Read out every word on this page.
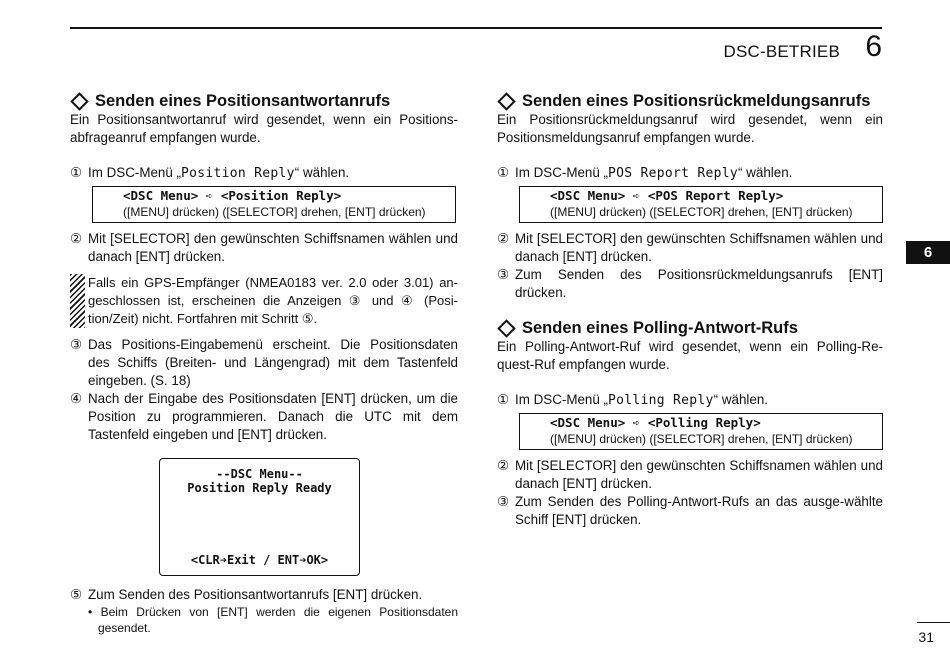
DSC-BETRIEB 6
6
31
Senden eines Positionsantwortanrufs

Ein Positionsantwortanruf wird gesendet, wenn ein Positions-abfrageanruf empfangen wurde.

① Im DSC-Menü „Position Reply“ wählen.
<DSC Menu> ➪ <Position Reply>
([MENU] drücken) ([SELECTOR] drehen, [ENT] drücken)
② Mit [SELECTOR] den gewünschten Schiffsnamen wählen und danach [ENT] drücken.
Falls ein GPS-Empfänger (NMEA0183 ver. 2.0 oder 3.01) an-geschlossen ist, erscheinen die Anzeigen ③ und ④ (Posi-tion/Zeit) nicht. Fortfahren mit Schritt ⑤.
③ Das Positions-Eingabemenü erscheint. Die Positionsdaten des Schiffs (Breiten- und Längengrad) mit dem Tastenfeld eingeben. (S. 18)
④ Nach der Eingabe des Positionsdaten [ENT] drücken, um die Position zu programmieren. Danach die UTC mit dem Tastenfeld eingeben und [ENT] drücken.
--DSC Menu--
Position Reply Ready
<CLR➔Exit / ENT➔OK>
⑤ Zum Senden des Positionsantwortanrufs [ENT] drücken.
• Beim Drücken von [ENT] werden die eigenen Positionsdaten gesendet.
Senden eines Positionsrückmeldungsanrufs

Ein Positionsrückmeldungsanruf wird gesendet, wenn ein Positionsmeldungsanruf empfangen wurde.

① Im DSC-Menü „POS Report Reply“ wählen.
<DSC Menu> ➪ <POS Report Reply>
([MENU] drücken) ([SELECTOR] drehen, [ENT] drücken)
② Mit [SELECTOR] den gewünschten Schiffsnamen wählen und danach [ENT] drücken.
③ Zum Senden des Positionsrückmeldungsanrufs [ENT] drücken.
Senden eines Polling-Antwort-Rufs

Ein Polling-Antwort-Ruf wird gesendet, wenn ein Polling-Re-quest-Ruf empfangen wurde.

① Im DSC-Menü „Polling Reply“ wählen.
<DSC Menu> ➪ <Polling Reply>
([MENU] drücken) ([SELECTOR] drehen, [ENT] drücken)
② Mit [SELECTOR] den gewünschten Schiffsnamen wählen und danach [ENT] drücken.
③ Zum Senden des Polling-Antwort-Rufs an das ausge-wählte Schiff [ENT] drücken.
